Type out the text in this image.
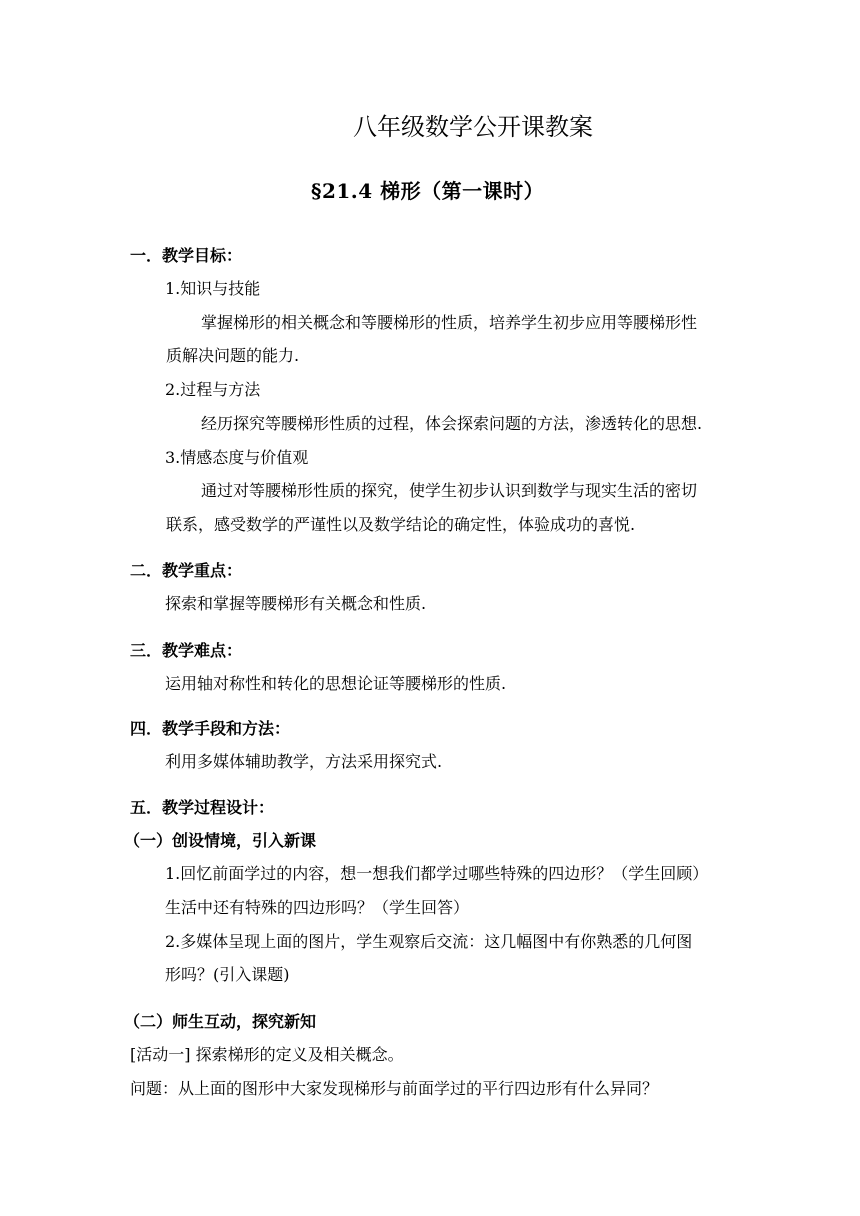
八年级数学公开课教案
§21.4 梯形（第一课时）
一．教学目标：
1.知识与技能
掌握梯形的相关概念和等腰梯形的性质，培养学生初步应用等腰梯形性
质解决问题的能力.
2.过程与方法
经历探究等腰梯形性质的过程，体会探索问题的方法，渗透转化的思想.
3.情感态度与价值观
通过对等腰梯形性质的探究，使学生初步认识到数学与现实生活的密切
联系，感受数学的严谨性以及数学结论的确定性，体验成功的喜悦.
二．教学重点：
探索和掌握等腰梯形有关概念和性质.
三．教学难点：
运用轴对称性和转化的思想论证等腰梯形的性质.
四．教学手段和方法：
利用多媒体辅助教学，方法采用探究式.
五．教学过程设计：
（一）创设情境，引入新课
1.回忆前面学过的内容，想一想我们都学过哪些特殊的四边形？（学生回顾）
生活中还有特殊的四边形吗？（学生回答）
2.多媒体呈现上面的图片，学生观察后交流：这几幅图中有你熟悉的几何图
形吗？(引入课题)
（二）师生互动，探究新知
[活动一] 探索梯形的定义及相关概念。
问题：从上面的图形中大家发现梯形与前面学过的平行四边形有什么异同？
